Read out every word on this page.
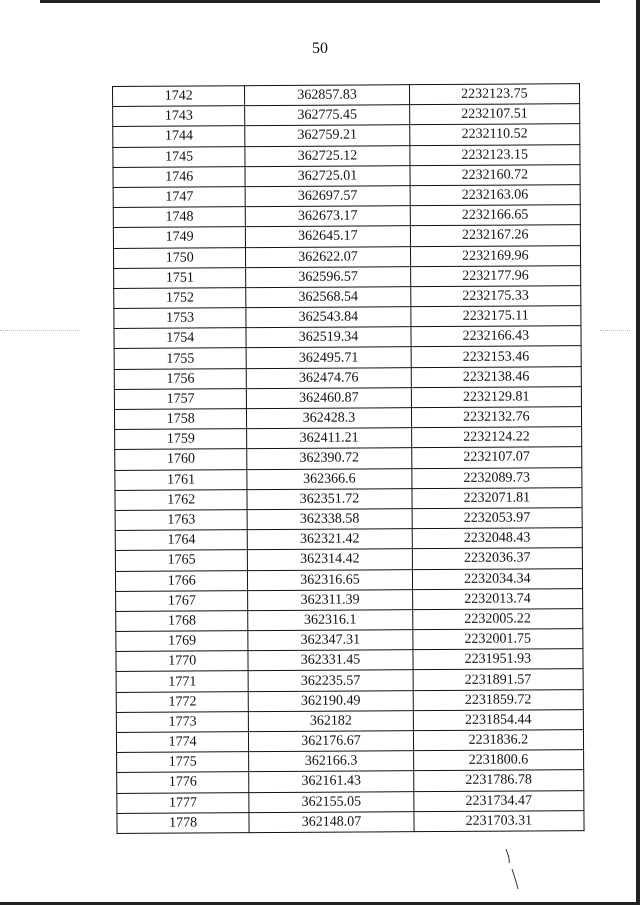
50
1742	362857.83	2232123.75
1743	362775.45	2232107.51
1744	362759.21	2232110.52
1745	362725.12	2232123.15
1746	362725.01	2232160.72
1747	362697.57	2232163.06
1748	362673.17	2232166.65
1749	362645.17	2232167.26
1750	362622.07	2232169.96
1751	362596.57	2232177.96
1752	362568.54	2232175.33
1753	362543.84	2232175.11
1754	362519.34	2232166.43
1755	362495.71	2232153.46
1756	362474.76	2232138.46
1757	362460.87	2232129.81
1758	362428.3	2232132.76
1759	362411.21	2232124.22
1760	362390.72	2232107.07
1761	362366.6	2232089.73
1762	362351.72	2232071.81
1763	362338.58	2232053.97
1764	362321.42	2232048.43
1765	362314.42	2232036.37
1766	362316.65	2232034.34
1767	362311.39	2232013.74
1768	362316.1	2232005.22
1769	362347.31	2232001.75
1770	362331.45	2231951.93
1771	362235.57	2231891.57
1772	362190.49	2231859.72
1773	362182	2231854.44
1774	362176.67	2231836.2
1775	362166.3	2231800.6
1776	362161.43	2231786.78
1777	362155.05	2231734.47
1778	362148.07	2231703.31
